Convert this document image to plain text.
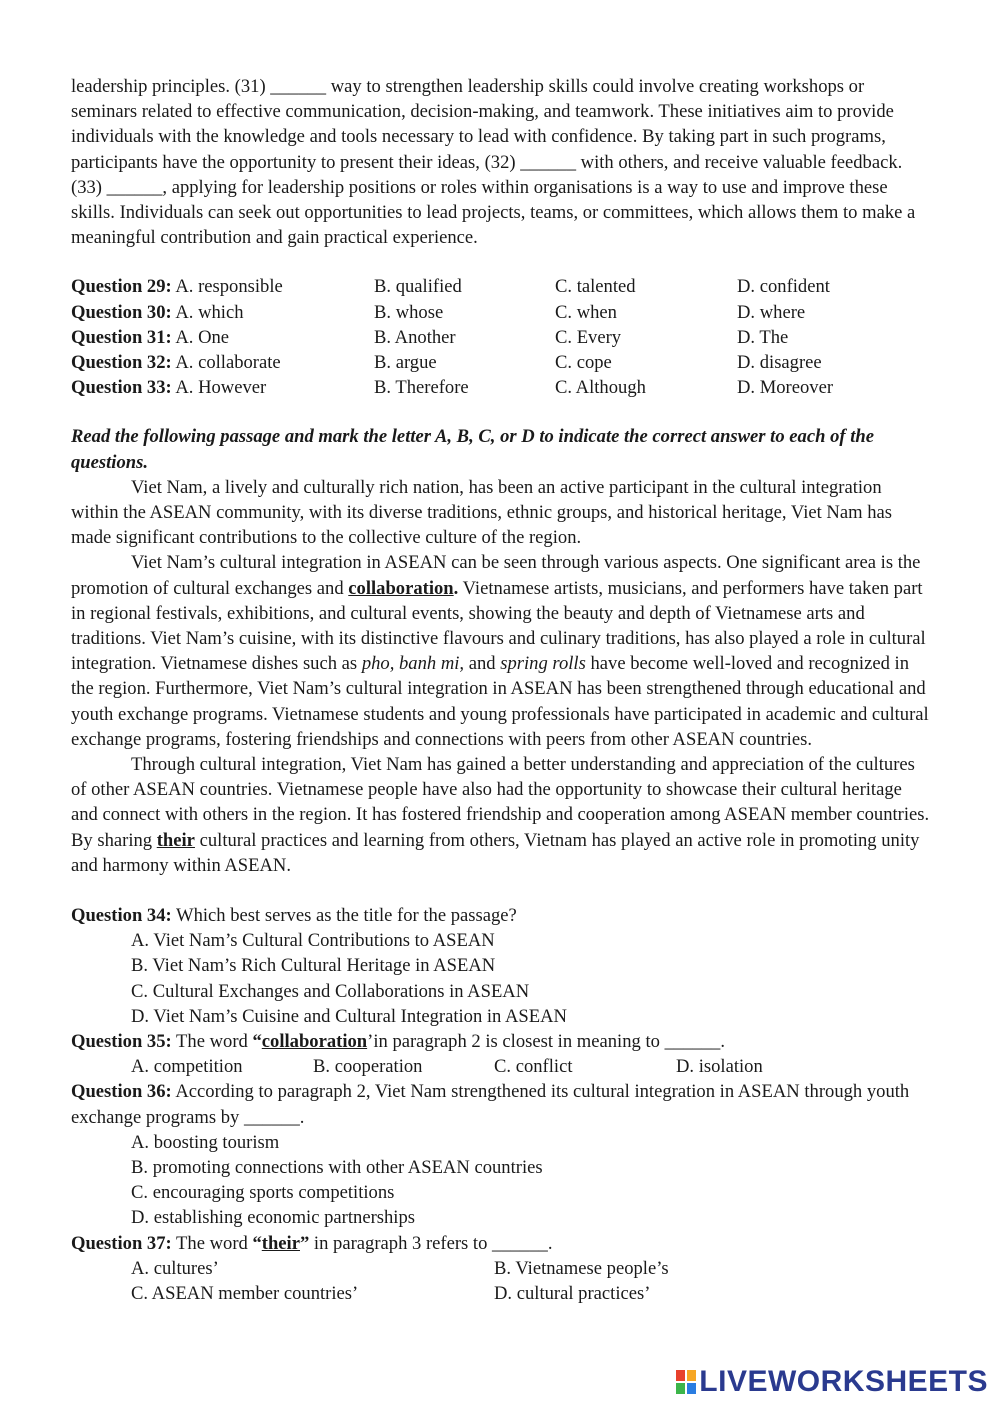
leadership principles. (31) ______ way to strengthen leadership skills could involve creating workshops or seminars related to effective communication, decision-making, and teamwork. These initiatives aim to provide individuals with the knowledge and tools necessary to lead with confidence. By taking part in such programs, participants have the opportunity to present their ideas, (32) ______ with others, and receive valuable feedback. (33) ______, applying for leadership positions or roles within organisations is a way to use and improve these skills. Individuals can seek out opportunities to lead projects, teams, or committees, which allows them to make a meaningful contribution and gain practical experience.

Question 29: A. responsible	B. qualified	C. talented	D. confident
Question 30: A. which	B. whose	C. when	D. where
Question 31: A. One	B. Another	C. Every	D. The
Question 32: A. collaborate	B. argue	C. cope	D. disagree
Question 33: A. However	B. Therefore	C. Although	D. Moreover

Read the following passage and mark the letter A, B, C, or D to indicate the correct answer to each of the questions.

Viet Nam, a lively and culturally rich nation, has been an active participant in the cultural integration within the ASEAN community, with its diverse traditions, ethnic groups, and historical heritage, Viet Nam has made significant contributions to the collective culture of the region.

Viet Nam’s cultural integration in ASEAN can be seen through various aspects. One significant area is the promotion of cultural exchanges and collaboration. Vietnamese artists, musicians, and performers have taken part in regional festivals, exhibitions, and cultural events, showing the beauty and depth of Vietnamese arts and traditions. Viet Nam’s cuisine, with its distinctive flavours and culinary traditions, has also played a role in cultural integration. Vietnamese dishes such as pho, banh mi, and spring rolls have become well-loved and recognized in the region. Furthermore, Viet Nam’s cultural integration in ASEAN has been strengthened through educational and youth exchange programs. Vietnamese students and young professionals have participated in academic and cultural exchange programs, fostering friendships and connections with peers from other ASEAN countries.

Through cultural integration, Viet Nam has gained a better understanding and appreciation of the cultures of other ASEAN countries. Vietnamese people have also had the opportunity to showcase their cultural heritage and connect with others in the region. It has fostered friendship and cooperation among ASEAN member countries. By sharing their cultural practices and learning from others, Vietnam has played an active role in promoting unity and harmony within ASEAN.

Question 34: Which best serves as the title for the passage?

A. Viet Nam’s Cultural Contributions to ASEAN

B. Viet Nam’s Rich Cultural Heritage in ASEAN

C. Cultural Exchanges and Collaborations in ASEAN

D. Viet Nam’s Cuisine and Cultural Integration in ASEAN

Question 35: The word “collaboration’in paragraph 2 is closest in meaning to ______.

A. competition	B. cooperation	C. conflict	D. isolation

Question 36: According to paragraph 2, Viet Nam strengthened its cultural integration in ASEAN through youth exchange programs by ______.

A. boosting tourism

B. promoting connections with other ASEAN countries

C. encouraging sports competitions

D. establishing economic partnerships

Question 37: The word “their” in paragraph 3 refers to ______.

A. cultures’	B. Vietnamese people’s
C. ASEAN member countries’	D. cultural practices’
LIVEWORKSHEETS
